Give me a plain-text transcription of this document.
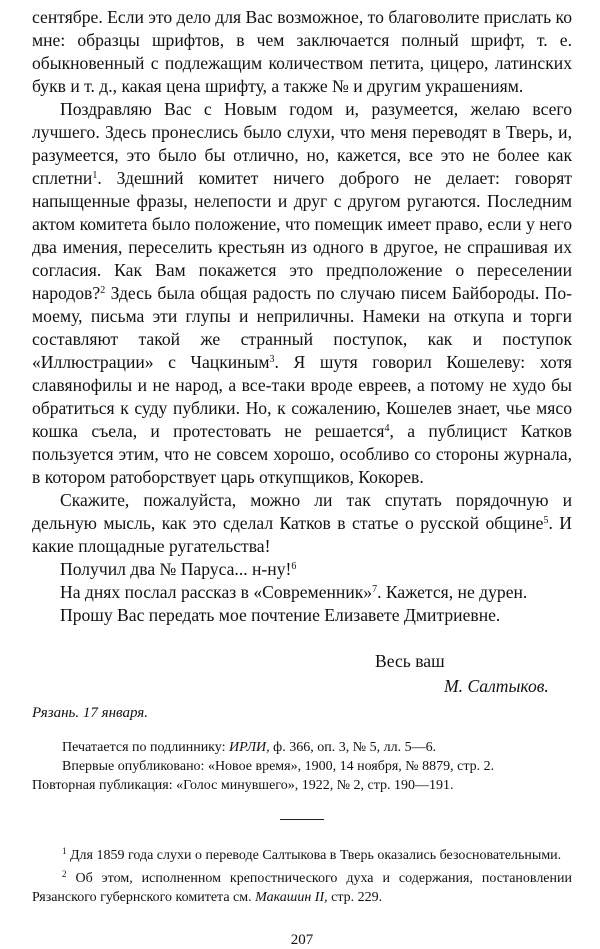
сентябре. Если это дело для Вас возможное, то благоволите прислать ко мне: образцы шрифтов, в чем заключается полный шрифт, т. е. обыкновенный с подлежащим количеством петита, цицеро, латинских букв и т. д., какая цена шрифту, а также № и другим украшениям.

Поздравляю Вас с Новым годом и, разумеется, желаю всего лучшего. Здесь пронеслись было слухи, что меня переводят в Тверь, и, разумеется, это было бы отлично, но, кажется, все это не более как сплетни$^1$. Здешний комитет ничего доброго не делает: говорят напыщенные фразы, нелепости и друг с другом ругаются. Последним актом комитета было положение, что помещик имеет право, если у него два имения, переселить крестьян из одного в другое, не спрашивая их согласия. Как Вам покажется это предположение о переселении народов?$^2$ Здесь была общая радость по случаю писем Байбороды. По-моему, письма эти глупы и неприличны. Намеки на откупа и торги составляют такой же странный поступок, как и поступок «Иллюстрации» с Чацкиным$^3$. Я шутя говорил Кошелеву: хотя славянофилы и не народ, а все-таки вроде евреев, а потому не худо бы обратиться к суду публики. Но, к сожалению, Кошелев знает, чье мясо кошка съела, и протестовать не решается$^4$, а публицист Катков пользуется этим, что не совсем хорошо, особливо со стороны журнала, в котором ратоборствует царь откупщиков, Кокорев.

Скажите, пожалуйста, можно ли так спутать порядочную и дельную мысль, как это сделал Катков в статье о русской общине$^5$. И какие площадные ругательства!

Получил два № Паруса... н-ну!$^6$

На днях послал рассказ в «Современник»$^7$. Кажется, не дурен.

Прошу Вас передать мое почтение Елизавете Дмитриевне.

Весь ваш
М. Салтыков.
Рязань. 17 января.

Печатается по подлиннику: ИРЛИ, ф. 366, оп. 3, № 5, лл. 5—6.

Впервые опубликовано: «Новое время», 1900, 14 ноября, № 8879, стр. 2.

Повторная публикация: «Голос минувшего», 1922, № 2, стр. 190—191.

$^1$ Для 1859 года слухи о переводе Салтыкова в Тверь оказались безосновательными.

$^2$ Об этом, исполненном крепостнического духа и содержания, постановлении Рязанского губернского комитета см. Макашин II, стр. 229.

207
